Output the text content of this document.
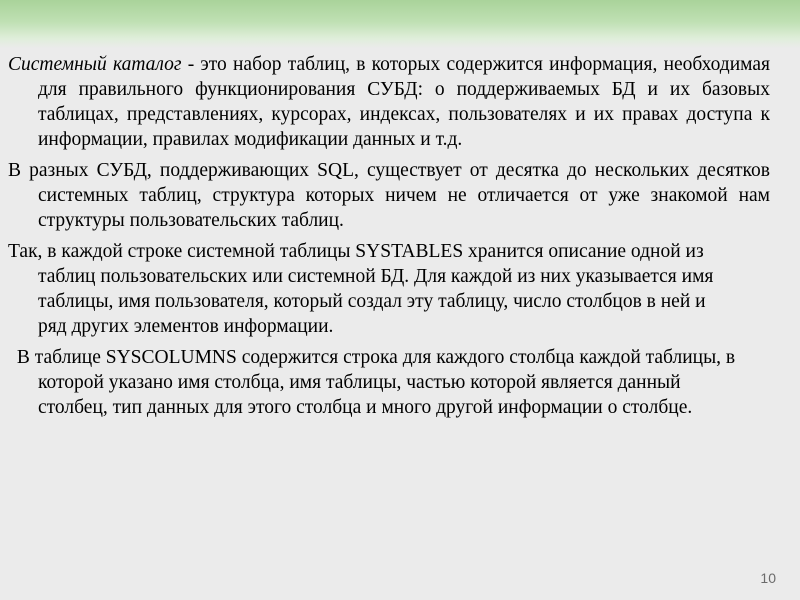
Системный каталог - это набор таблиц, в которых содержится информация, необходимая для правильного функционирования СУБД: о поддерживаемых БД и их базовых таблицах, представлениях, курсорах, индексах, пользователях и их правах доступа к информации, правилах модификации данных и т.д.

В разных СУБД, поддерживающих SQL, существует от десятка до нескольких десятков системных таблиц, структура которых ничем не отличается от уже знакомой нам структуры пользовательских таблиц.

Так, в каждой строке системной таблицы SYSTABLES хранится описание одной из таблиц пользовательских или системной БД. Для каждой из них указывается имя таблицы, имя пользователя, который создал эту таблицу, число столбцов в ней и ряд других элементов информации.

В таблице SYSCOLUMNS содержится строка для каждого столбца каждой таблицы, в которой указано имя столбца, имя таблицы, частью которой является данный столбец, тип данных для этого столбца и много другой информации о столбце.

10
